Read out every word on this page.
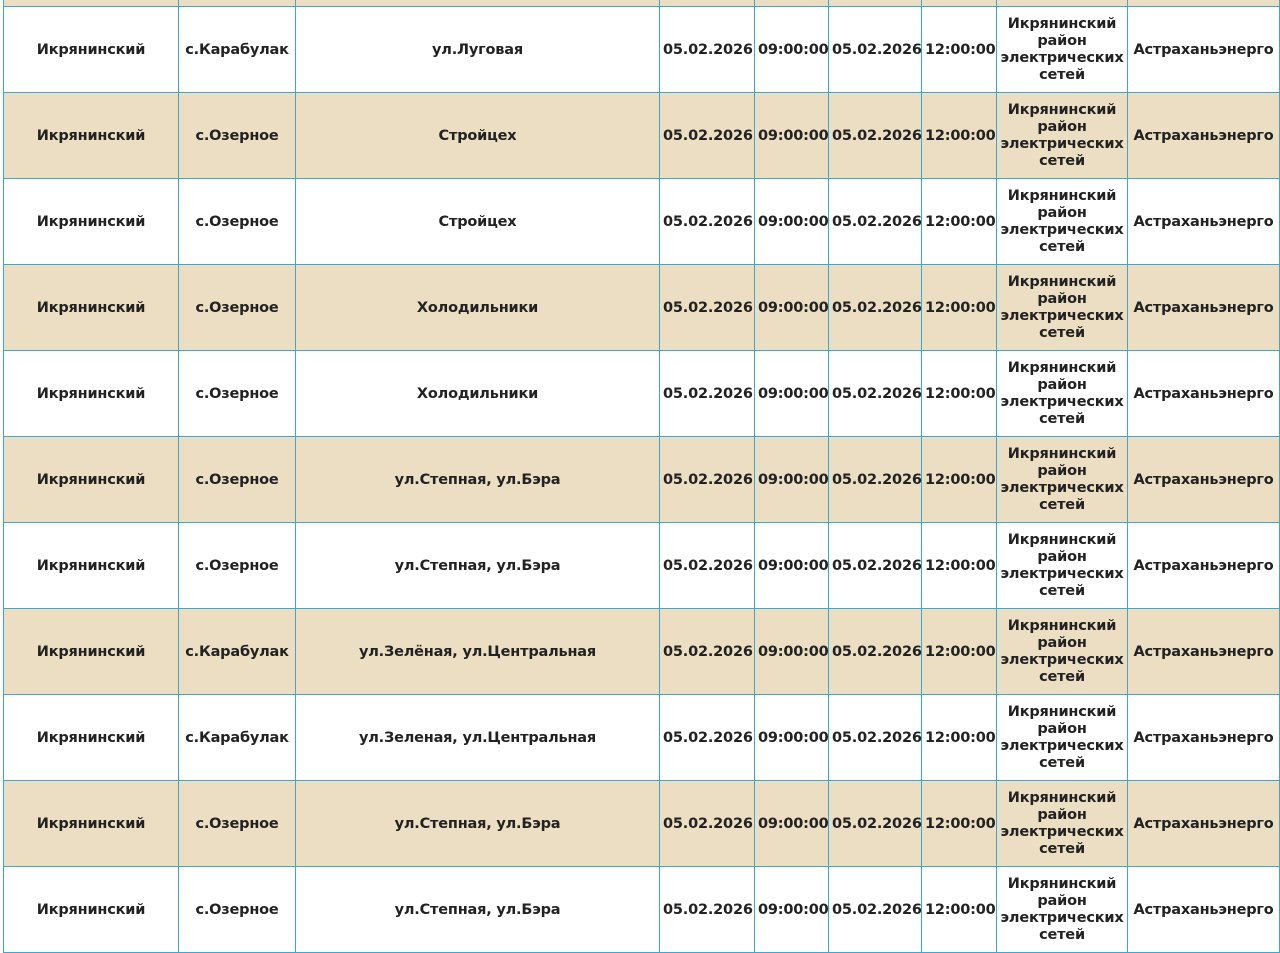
Икрянинский	с.Карабулак	ул.Луговая	05.02.2026	09:00:00	05.02.2026	12:00:00	Икрянинский район электрических сетей	Астраханьэнерго
Икрянинский	с.Озерное	Стройцех	05.02.2026	09:00:00	05.02.2026	12:00:00	Икрянинский район электрических сетей	Астраханьэнерго
Икрянинский	с.Озерное	Стройцех	05.02.2026	09:00:00	05.02.2026	12:00:00	Икрянинский район электрических сетей	Астраханьэнерго
Икрянинский	с.Озерное	Холодильники	05.02.2026	09:00:00	05.02.2026	12:00:00	Икрянинский район электрических сетей	Астраханьэнерго
Икрянинский	с.Озерное	Холодильники	05.02.2026	09:00:00	05.02.2026	12:00:00	Икрянинский район электрических сетей	Астраханьэнерго
Икрянинский	с.Озерное	ул.Степная, ул.Бэра	05.02.2026	09:00:00	05.02.2026	12:00:00	Икрянинский район электрических сетей	Астраханьэнерго
Икрянинский	с.Озерное	ул.Степная, ул.Бэра	05.02.2026	09:00:00	05.02.2026	12:00:00	Икрянинский район электрических сетей	Астраханьэнерго
Икрянинский	с.Карабулак	ул.Зелёная, ул.Центральная	05.02.2026	09:00:00	05.02.2026	12:00:00	Икрянинский район электрических сетей	Астраханьэнерго
Икрянинский	с.Карабулак	ул.Зеленая, ул.Центральная	05.02.2026	09:00:00	05.02.2026	12:00:00	Икрянинский район электрических сетей	Астраханьэнерго
Икрянинский	с.Озерное	ул.Степная, ул.Бэра	05.02.2026	09:00:00	05.02.2026	12:00:00	Икрянинский район электрических сетей	Астраханьэнерго
Икрянинский	с.Озерное	ул.Степная, ул.Бэра	05.02.2026	09:00:00	05.02.2026	12:00:00	Икрянинский район электрических сетей	Астраханьэнерго
